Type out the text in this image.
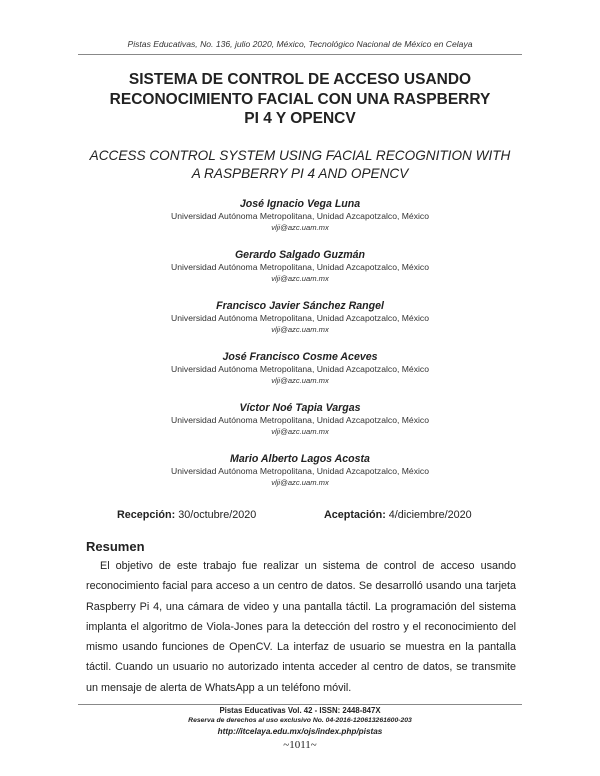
Pistas Educativas, No. 136, julio 2020, México, Tecnológico Nacional de México en Celaya
SISTEMA DE CONTROL DE ACCESO USANDO
RECONOCIMIENTO FACIAL CON UNA RASPBERRY
PI 4 Y OPENCV
ACCESS CONTROL SYSTEM USING FACIAL RECOGNITION WITH
A RASPBERRY PI 4 AND OPENCV
José Ignacio Vega Luna
Universidad Autónoma Metropolitana, Unidad Azcapotzalco, México
vlji@azc.uam.mx
Gerardo Salgado Guzmán
Universidad Autónoma Metropolitana, Unidad Azcapotzalco, México
vlji@azc.uam.mx
Francisco Javier Sánchez Rangel
Universidad Autónoma Metropolitana, Unidad Azcapotzalco, México
vlji@azc.uam.mx
José Francisco Cosme Aceves
Universidad Autónoma Metropolitana, Unidad Azcapotzalco, México
vlji@azc.uam.mx
Víctor Noé Tapia Vargas
Universidad Autónoma Metropolitana, Unidad Azcapotzalco, México
vlji@azc.uam.mx
Mario Alberto Lagos Acosta
Universidad Autónoma Metropolitana, Unidad Azcapotzalco, México
vlji@azc.uam.mx
Recepción: 30/octubre/2020	Aceptación: 4/diciembre/2020
Resumen
El objetivo de este trabajo fue realizar un sistema de control de acceso usando reconocimiento facial para acceso a un centro de datos. Se desarrolló usando una tarjeta Raspberry Pi 4, una cámara de video y una pantalla táctil. La programación del sistema implanta el algoritmo de Viola-Jones para la detección del rostro y el reconocimiento del mismo usando funciones de OpenCV. La interfaz de usuario se muestra en la pantalla táctil. Cuando un usuario no autorizado intenta acceder al centro de datos, se transmite un mensaje de alerta de WhatsApp a un teléfono móvil.
Pistas Educativas Vol. 42 - ISSN: 2448-847X
Reserva de derechos al uso exclusivo No. 04-2016-120613261600-203
http://itcelaya.edu.mx/ojs/index.php/pistas
~1011~
